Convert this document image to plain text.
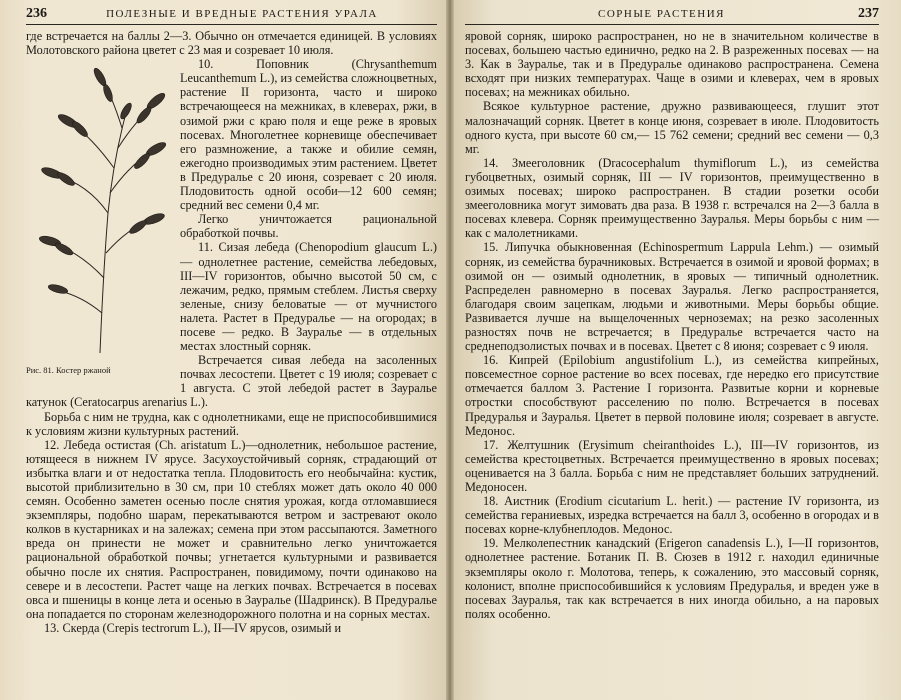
236	ПОЛЕЗНЫЕ И ВРЕДНЫЕ РАСТЕНИЯ УРАЛА

где встречается на баллы 2—3. Обычно он отмечается единицей. В условиях Молотовского района цветет с 23 мая и созревает 10 июля.

Рис. 81. Костер ржаной

10. Поповник (Chrysanthemum Leucanthemum L.), из семейства сложноцветных, растение II горизонта, часто и широко встречающееся на межниках, в клеверах, ржи, в озимой ржи с краю поля и еще реже в яровых посевах. Многолетнее корневище обеспечивает его размножение, а также и обилие семян, ежегодно производимых этим растением. Цветет в Предуралье с 20 июня, созревает с 20 июля. Плодовитость одной особи—12 600 семян; средний вес семени 0,4 мг.

Легко уничтожается рациональной обработкой почвы.

11. Сизая лебеда (Chenopodium glaucum L.) — однолетнее растение, семейства лебедовых, III—IV горизонтов, обычно высотой 50 см, с лежачим, редко, прямым стеблем. Листья сверху зеленые, снизу беловатые — от мучнистого налета. Растет в Предуралье — на огородах; в посеве — редко. В Зауралье — в отдельных местах злостный сорняк.

Встречается сивая лебеда на засоленных почвах лесостепи. Цветет с 19 июля; созревает с 1 августа. С этой лебедой растет в Зауралье катунок (Ceratocarpus arenarius L.).

Борьба с ним не трудна, как с однолетниками, еще не приспособившимися к условиям жизни культурных растений.

12. Лебеда остистая (Ch. aristatum L.)—однолетник, небольшое растение, ютящееся в нижнем IV ярусе. Засухоустойчивый сорняк, страдающий от избытка влаги и от недостатка тепла. Плодовитость его необычайна: кустик, высотой приблизительно в 30 см, при 10 стеблях может дать около 40 000 семян. Особенно заметен осенью после снятия урожая, когда отломавшиеся экземпляры, подобно шарам, перекатываются ветром и застревают около колков в кустарниках и на залежах; семена при этом рассыпаются. Заметного вреда он принести не может и сравнительно легко уничтожается рациональной обработкой почвы; угнетается культурными и развивается обычно после их снятия. Распространен, повидимому, почти одинаково на севере и в лесостепи. Растет чаще на легких почвах. Встречается в посевах овса и пшеницы в конце лета и осенью в Зауралье (Шадринск). В Предуралье она попадается по сторонам железнодорожного полотна и на сорных местах.

13. Скерда (Crepis tectrorum L.), II—IV ярусов, озимый и

СОРНЫЕ РАСТЕНИЯ	237

яровой сорняк, широко распространен, но не в значительном количестве в посевах, большею частью единично, редко на 2. В разреженных посевах — на 3. Как в Зауралье, так и в Предуралье одинаково распространена. Семена всходят при низких температурах. Чаще в озими и клеверах, чем в яровых посевах; на межниках обильно.

Всякое культурное растение, дружно развивающееся, глушит этот малозначащий сорняк. Цветет в конце июня, созревает в июле. Плодовитость одного куста, при высоте 60 см,— 15 762 семени; средний вес семени — 0,3 мг.

14. Змееголовник (Dracocephalum thymiflorum L.), из семейства губоцветных, озимый сорняк, III — IV горизонтов, преимущественно в озимых посевах; широко распространен. В стадии розетки особи змееголовника могут зимовать два раза. В 1938 г. встречался на 2—3 балла в посевах клевера. Сорняк преимущественно Зауралья. Меры борьбы с ним — как с малолетниками.

15. Липучка обыкновенная (Echinospermum Lappula Lehm.) — озимый сорняк, из семейства бурачниковых. Встречается в озимой и яровой формах; в озимой он — озимый однолетник, в яровых — типичный однолетник. Распределен равномерно в посевах Зауралья. Легко распространяется, благодаря своим зацепкам, людьми и животными. Меры борьбы общие. Развивается лучше на выщелоченных черноземах; на резко засоленных разностях почв не встречается; в Предуралье встречается часто на среднеподзолистых почвах и в посевах. Цветет с 8 июня; созревает с 9 июля.

16. Кипрей (Epilobium angustifolium L.), из семейства кипрейных, повсеместное сорное растение во всех посевах, где нередко его присутствие отмечается баллом 3. Растение I горизонта. Развитые корни и корневые отростки способствуют расселению по полю. Встречается в посевах Предуралья и Зауралья. Цветет в первой половине июля; созревает в августе. Медонос.

17. Желтушник (Erysimum cheiranthoides L.), III—IV горизонтов, из семейства крестоцветных. Встречается преимущественно в яровых посевах; оценивается на 3 балла. Борьба с ним не представляет больших затруднений. Медоносен.

18. Аистник (Erodium cicutarium L. herit.) — растение IV горизонта, из семейства гераниевых, изредка встречается на балл 3, особенно в огородах и в посевах корне-клубнеплодов. Медонос.

19. Мелколепестник канадский (Erigeron canadensis L.), I—II горизонтов, однолетнее растение. Ботаник П. В. Сюзев в 1912 г. находил единичные экземпляры около г. Молотова, теперь, к сожалению, это массовый сорняк, колонист, вполне приспособившийся к условиям Предуралья, и вреден уже в посевах Зауралья, так как встречается в них иногда обильно, а на паровых полях особенно.
